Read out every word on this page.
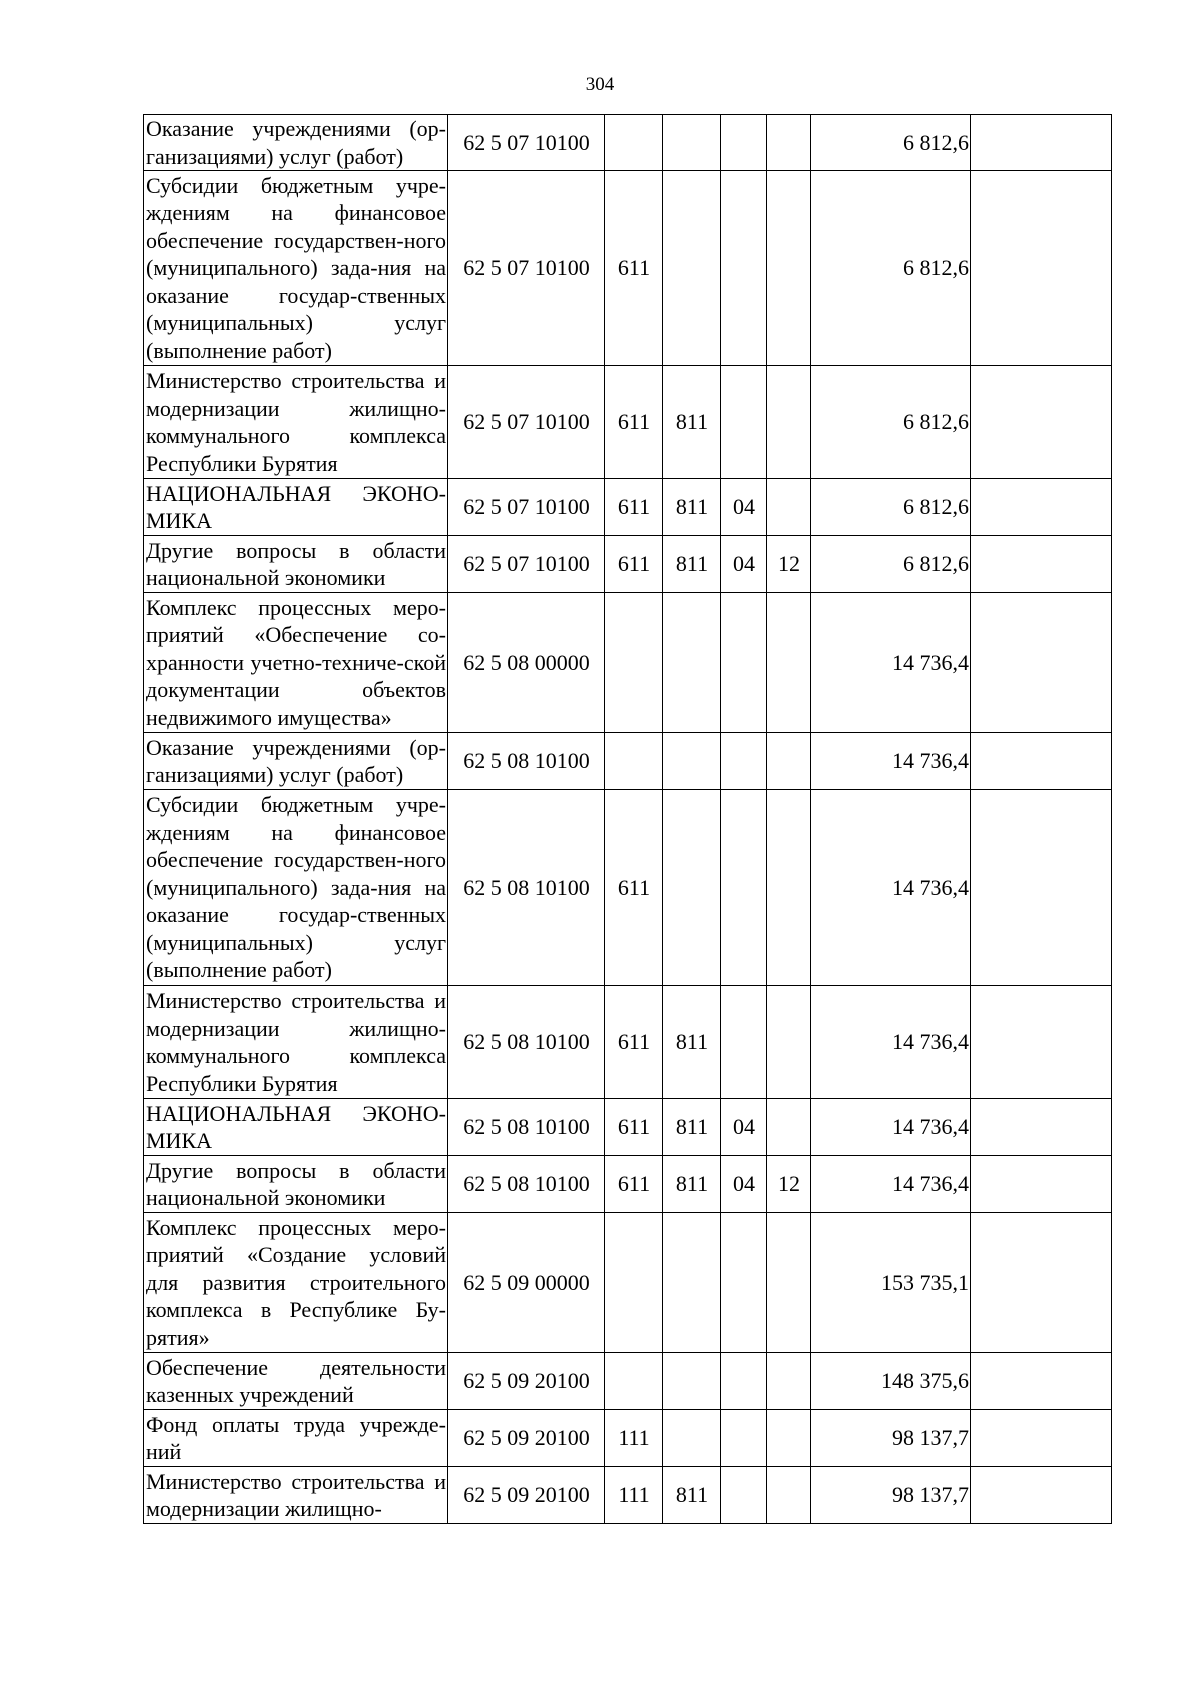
304
Оказание учреждениями (ор-ганизациями) услуг (работ)	62 5 07 10100					6 812,6	
Субсидии бюджетным учре-ждениям на финансовое обеспечение государствен-ного (муниципального) зада-ния на оказание государ-ственных (муниципальных) услуг (выполнение работ)	62 5 07 10100	611				6 812,6	
Министерство строительства и модернизации жилищно-коммунального комплекса Республики Бурятия	62 5 07 10100	611	811			6 812,6	
НАЦИОНАЛЬНАЯ ЭКОНО-МИКА	62 5 07 10100	611	811	04		6 812,6	
Другие вопросы в области национальной экономики	62 5 07 10100	611	811	04	12	6 812,6	
Комплекс процессных меро-приятий «Обеспечение со-хранности учетно-техниче-ской документации объектов недвижимого имущества»	62 5 08 00000					14 736,4	
Оказание учреждениями (ор-ганизациями) услуг (работ)	62 5 08 10100					14 736,4	
Субсидии бюджетным учре-ждениям на финансовое обеспечение государствен-ного (муниципального) зада-ния на оказание государ-ственных (муниципальных) услуг (выполнение работ)	62 5 08 10100	611				14 736,4	
Министерство строительства и модернизации жилищно-коммунального комплекса Республики Бурятия	62 5 08 10100	611	811			14 736,4	
НАЦИОНАЛЬНАЯ ЭКОНО-МИКА	62 5 08 10100	611	811	04		14 736,4	
Другие вопросы в области национальной экономики	62 5 08 10100	611	811	04	12	14 736,4	
Комплекс процессных меро-приятий «Создание условий для развития строительного комплекса в Республике Бу-рятия»	62 5 09 00000					153 735,1	
Обеспечение деятельности казенных учреждений	62 5 09 20100					148 375,6	
Фонд оплаты труда учрежде-ний	62 5 09 20100	111				98 137,7	
Министерство строительства и модернизации жилищно-	62 5 09 20100	111	811			98 137,7	
